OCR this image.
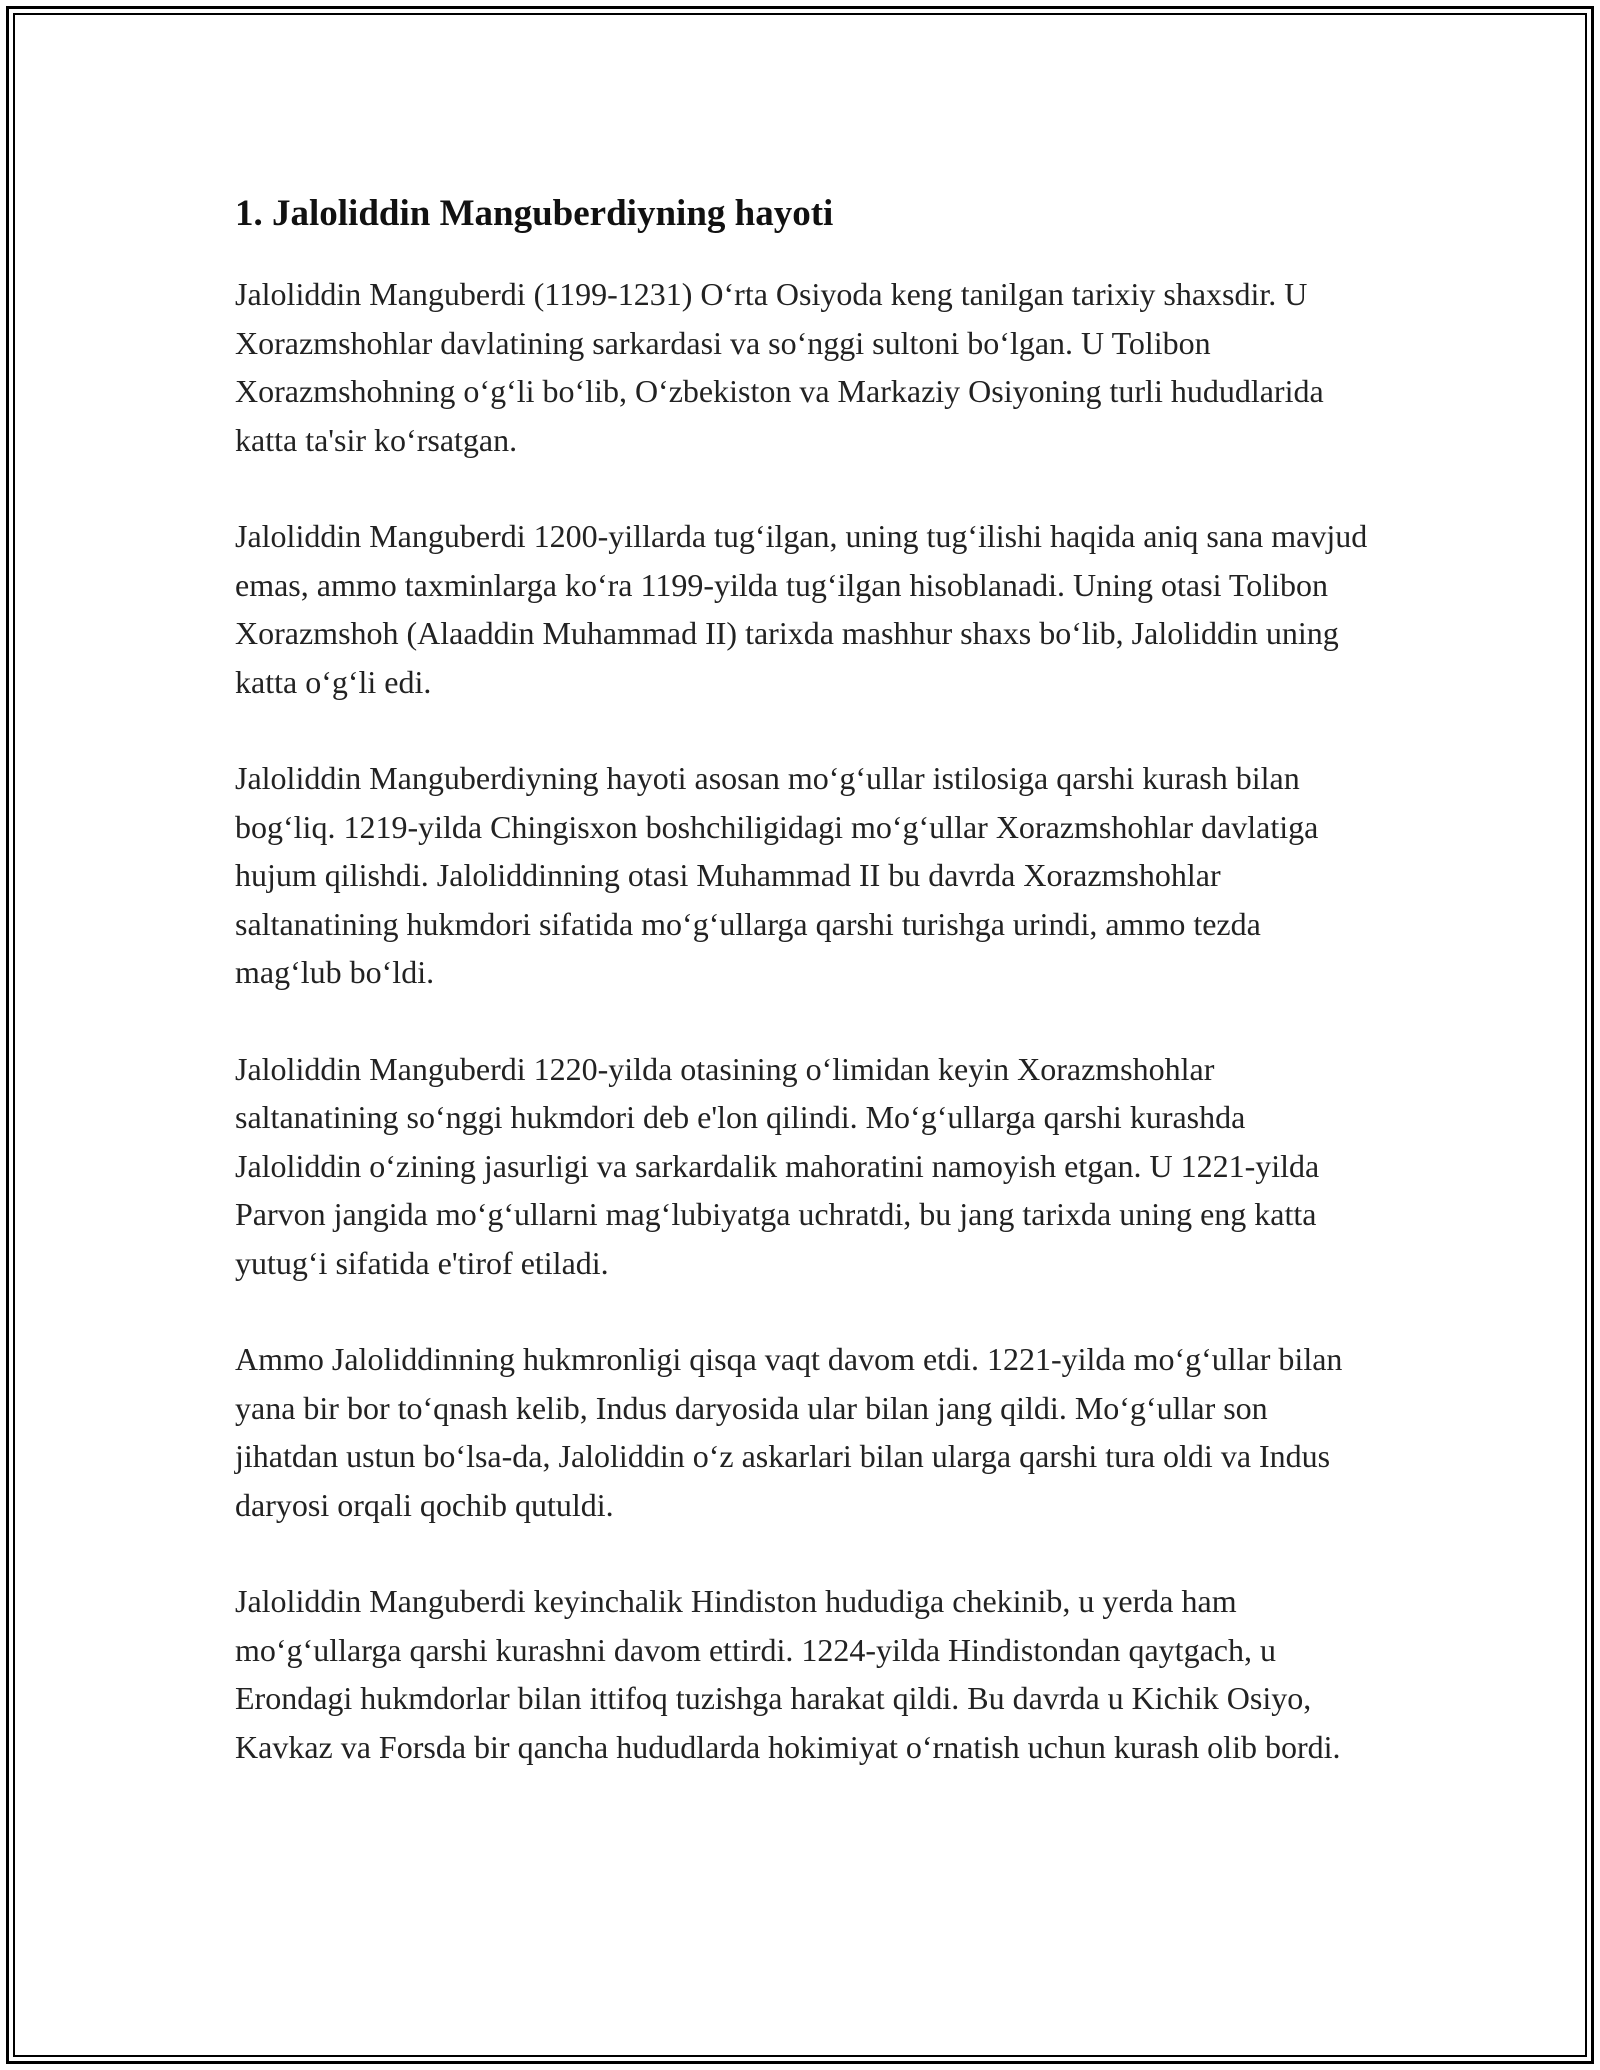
1. Jaloliddin Manguberdiyning hayoti

Jaloliddin Manguberdi (1199-1231) O‘rta Osiyoda keng tanilgan tarixiy shaxsdir. U Xorazmshohlar davlatining sarkardasi va so‘nggi sultoni bo‘lgan. U Tolibon Xorazmshohning o‘g‘li bo‘lib, O‘zbekiston va Markaziy Osiyoning turli hududlarida katta ta'sir ko‘rsatgan.

Jaloliddin Manguberdi 1200-yillarda tug‘ilgan, uning tug‘ilishi haqida aniq sana mavjud emas, ammo taxminlarga ko‘ra 1199-yilda tug‘ilgan hisoblanadi. Uning otasi Tolibon Xorazmshoh (Alaaddin Muhammad II) tarixda mashhur shaxs bo‘lib, Jaloliddin uning katta o‘g‘li edi.

Jaloliddin Manguberdiyning hayoti asosan mo‘g‘ullar istilosiga qarshi kurash bilan bog‘liq. 1219-yilda Chingisxon boshchiligidagi mo‘g‘ullar Xorazmshohlar davlatiga hujum qilishdi. Jaloliddinning otasi Muhammad II bu davrda Xorazmshohlar saltanatining hukmdori sifatida mo‘g‘ullarga qarshi turishga urindi, ammo tezda mag‘lub bo‘ldi.

Jaloliddin Manguberdi 1220-yilda otasining o‘limidan keyin Xorazmshohlar saltanatining so‘nggi hukmdori deb e'lon qilindi. Mo‘g‘ullarga qarshi kurashda Jaloliddin o‘zining jasurligi va sarkardalik mahoratini namoyish etgan. U 1221-yilda Parvon jangida mo‘g‘ullarni mag‘lubiyatga uchratdi, bu jang tarixda uning eng katta yutug‘i sifatida e'tirof etiladi.

Ammo Jaloliddinning hukmronligi qisqa vaqt davom etdi. 1221-yilda mo‘g‘ullar bilan yana bir bor to‘qnash kelib, Indus daryosida ular bilan jang qildi. Mo‘g‘ullar son jihatdan ustun bo‘lsa-da, Jaloliddin o‘z askarlari bilan ularga qarshi tura oldi va Indus daryosi orqali qochib qutuldi.

Jaloliddin Manguberdi keyinchalik Hindiston hududiga chekinib, u yerda ham mo‘g‘ullarga qarshi kurashni davom ettirdi. 1224-yilda Hindistondan qaytgach, u Erondagi hukmdorlar bilan ittifoq tuzishga harakat qildi. Bu davrda u Kichik Osiyo, Kavkaz va Forsda bir qancha hududlarda hokimiyat o‘rnatish uchun kurash olib bordi.
